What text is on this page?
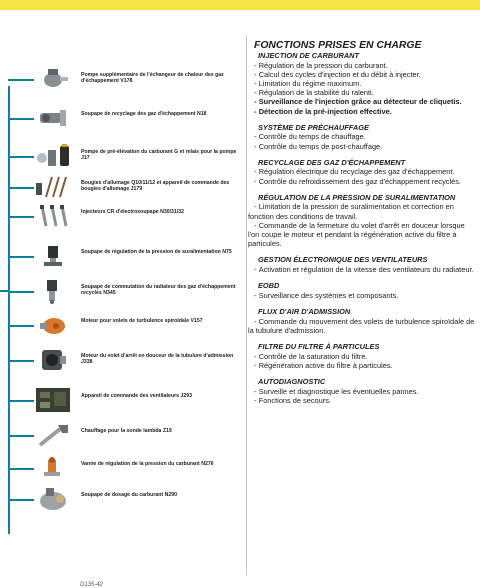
Pompe supplémentaire de l'échangeur de chaleur des gaz d'échappement V178
Soupape de recyclage des gaz d'échappement N18
Pompe de pré-élévation du carburant G et relais pour la pompe J17
Bougies d'allumage Q10/11/12 et appareil de commande des bougies d'allumage J179
Injecteurs CR d'électrosoupape N30/31/32
Soupape de régulation de la pression de suralimentation N75
Soupape de commutation du radiateur des gaz d'échappement recyclés N345
Moteur pour volets de turbulence spiroïdale V157
Moteur du volet d'arrêt en douceur de la tubulure d'admission J338
Appareil de commande des ventilateurs J293
Chauffage pour la sonde lambda Z19
Vanne de régulation de la pression du carburant N276
Soupape de dosage du carburant N290
D135-42
FONCTIONS PRISES EN CHARGE
INJECTION DE CARBURANT
- Régulation de la pression du carburant.
- Calcul des cycles d'injection et du débit à injecter.
- Limitation du régime maximum.
- Régulation de la stabilité du ralenti.
- Surveillance de l'injection grâce au détecteur de cliquetis.
- Détection de la pré-injection effective.
SYSTÈME DE PRÉCHAUFFAGE
- Contrôle du temps de chauffage.
- Contrôle du temps de post-chauffage.
RECYCLAGE DES GAZ D'ÉCHAPPEMENT
- Régulation électrique du recyclage des gaz d'échappement.
- Contrôle du refroidissement des gaz d'échappement recyclés.
RÉGULATION DE LA PRESSION DE SURALIMENTATION
- Limitation de la pression de suralimentation et correction en fonction des conditions de travail.
- Commande de la fermeture du volet d'arrêt en douceur lorsque l'on coupe le moteur et pendant la régénération active du filtre à particules.
GESTION ÉLECTRONIQUE DES VENTILATEURS
- Activation et régulation de la vitesse des ventilateurs du radiateur.
EOBD
- Surveillance des systèmes et composants.
FLUX D'AIR D'ADMISSION
- Commande du mouvement des volets de turbulence spiroïdale de la tubulure d'admission.
FILTRE DU FILTRE À PARTICULES
- Contrôle de la saturation du filtre.
- Régénération active du filtre à particules.
AUTODIAGNOSTIC
- Surveille et diagnostique les éventuelles pannes.
- Fonctions de secours.
